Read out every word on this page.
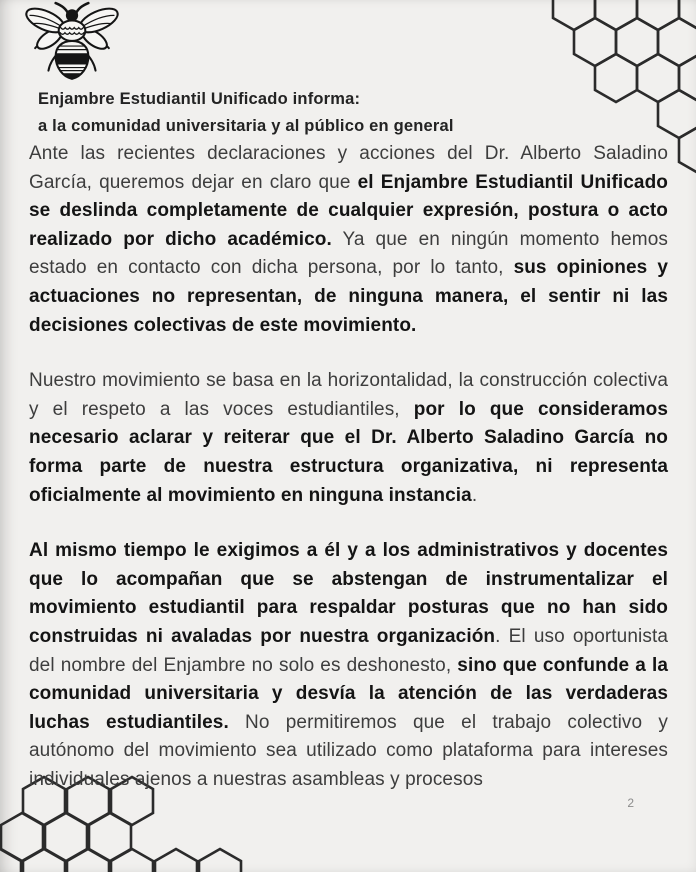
Enjambre Estudiantil Unificado informa:
a la comunidad universitaria y al público en general

Ante las recientes declaraciones y acciones del Dr. Alberto Saladino García, queremos dejar en claro que el Enjambre Estudiantil Unificado se deslinda completamente de cualquier expresión, postura o acto realizado por dicho académico. Ya que en ningún momento hemos estado en contacto con dicha persona, por lo tanto, sus opiniones y actuaciones no representan, de ninguna manera, el sentir ni las decisiones colectivas de este movimiento.

Nuestro movimiento se basa en la horizontalidad, la construcción colectiva y el respeto a las voces estudiantiles, por lo que consideramos necesario aclarar y reiterar que el Dr. Alberto Saladino García no forma parte de nuestra estructura organizativa, ni representa oficialmente al movimiento en ninguna instancia.

Al mismo tiempo le exigimos a él y a los administrativos y docentes que lo acompañan que se abstengan de instrumentalizar el movimiento estudiantil para respaldar posturas que no han sido construidas ni avaladas por nuestra organización. El uso oportunista del nombre del Enjambre no solo es deshonesto, sino que confunde a la comunidad universitaria y desvía la atención de las verdaderas luchas estudiantiles. No permitiremos que el trabajo colectivo y autónomo del movimiento sea utilizado como plataforma para intereses individuales ajenos a nuestras asambleas y procesos

2
